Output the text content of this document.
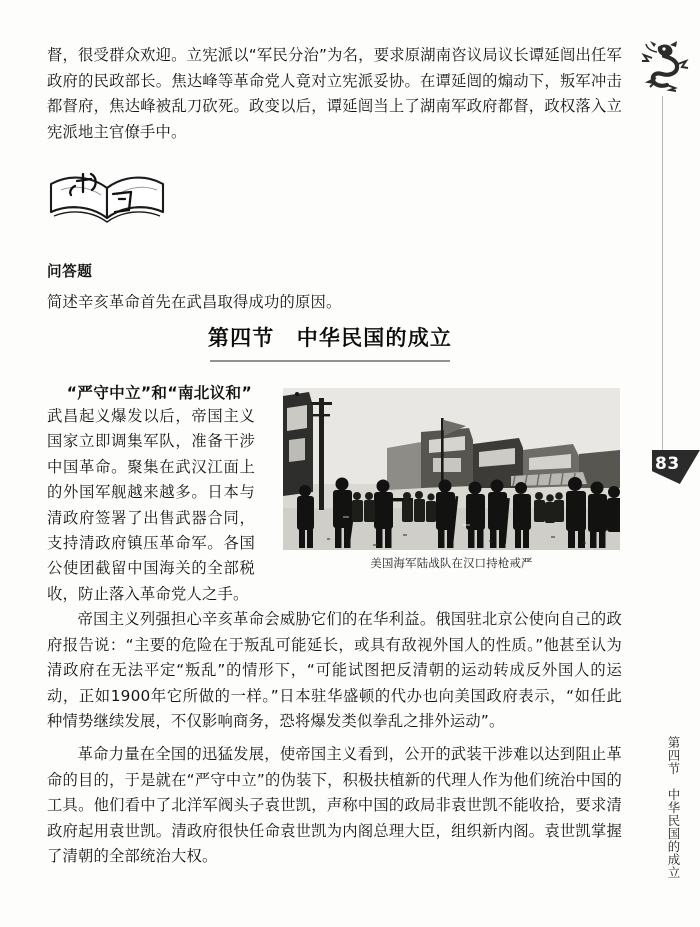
督，很受群众欢迎。立宪派以“军民分治”为名，要求原湖南咨议局议长谭延闿出任军政府的民政部长。焦达峰等革命党人竟对立宪派妥协。在谭延闿的煽动下，叛军冲击都督府，焦达峰被乱刀砍死。政变以后，谭延闿当上了湖南军政府都督，政权落入立宪派地主官僚手中。

问答题
简述辛亥革命首先在武昌取得成功的原因。
第四节　中华民国的成立
“严守中立”和“南北议和”

武昌起义爆发以后，帝国主义国家立即调集军队，准备干涉中国革命。聚集在武汉江面上的外国军舰越来越多。日本与清政府签署了出售武器合同，支持清政府镇压革命军。各国公使团截留中国海关的全部税收，防止落入革命党人之手。

美国海军陆战队在汉口持枪戒严

帝国主义列强担心辛亥革命会威胁它们的在华利益。俄国驻北京公使向自己的政府报告说：“主要的危险在于叛乱可能延长，或具有敌视外国人的性质。”他甚至认为清政府在无法平定“叛乱”的情形下，“可能试图把反清朝的运动转成反外国人的运动，正如1900年它所做的一样。”日本驻华盛顿的代办也向美国政府表示，“如任此种情势继续发展，不仅影响商务，恐将爆发类似拳乱之排外运动”。

革命力量在全国的迅猛发展，使帝国主义看到，公开的武装干涉难以达到阻止革命的目的，于是就在“严守中立”的伪装下，积极扶植新的代理人作为他们统治中国的工具。他们看中了北洋军阀头子袁世凯，声称中国的政局非袁世凯不能收拾，要求清政府起用袁世凯。清政府很快任命袁世凯为内阁总理大臣，组织新内阁。袁世凯掌握了清朝的全部统治大权。

83
第四节　中华民国的成立
